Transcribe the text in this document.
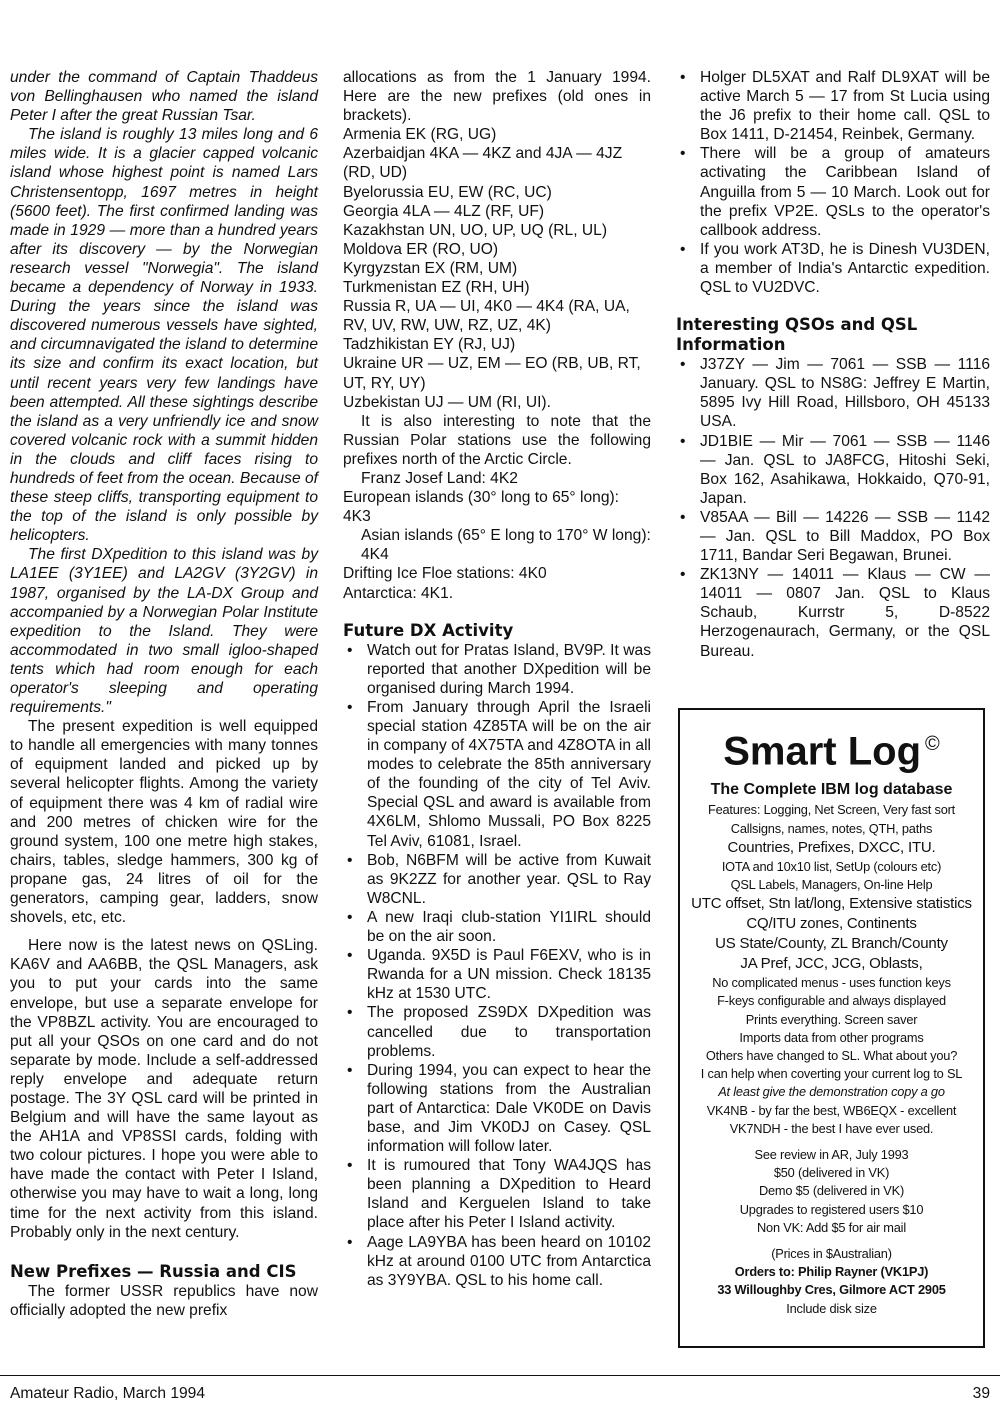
under the command of Captain Thaddeus von Bellinghausen who named the island Peter I after the great Russian Tsar.

The island is roughly 13 miles long and 6 miles wide. It is a glacier capped volcanic island whose highest point is named Lars Christensentopp, 1697 metres in height (5600 feet). The first confirmed landing was made in 1929 — more than a hundred years after its discovery — by the Norwegian research vessel "Norwegia". The island became a dependency of Norway in 1933. During the years since the island was discovered numerous vessels have sighted, and circumnavigated the island to determine its size and confirm its exact location, but until recent years very few landings have been attempted. All these sightings describe the island as a very unfriendly ice and snow covered volcanic rock with a summit hidden in the clouds and cliff faces rising to hundreds of feet from the ocean. Because of these steep cliffs, transporting equipment to the top of the island is only possible by helicopters.

The first DXpedition to this island was by LA1EE (3Y1EE) and LA2GV (3Y2GV) in 1987, organised by the LA-DX Group and accompanied by a Norwegian Polar Institute expedition to the Island. They were accommodated in two small igloo-shaped tents which had room enough for each operator's sleeping and operating requirements."

The present expedition is well equipped to handle all emergencies with many tonnes of equipment landed and picked up by several helicopter flights. Among the variety of equipment there was 4 km of radial wire and 200 metres of chicken wire for the ground system, 100 one metre high stakes, chairs, tables, sledge hammers, 300 kg of propane gas, 24 litres of oil for the generators, camping gear, ladders, snow shovels, etc, etc.

Here now is the latest news on QSLing. KA6V and AA6BB, the QSL Managers, ask you to put your cards into the same envelope, but use a separate envelope for the VP8BZL activity. You are encouraged to put all your QSOs on one card and do not separate by mode. Include a self-addressed reply envelope and adequate return postage. The 3Y QSL card will be printed in Belgium and will have the same layout as the AH1A and VP8SSI cards, folding with two colour pictures. I hope you were able to have made the contact with Peter I Island, otherwise you may have to wait a long, long time for the next activity from this island. Probably only in the next century.

New Prefixes — Russia and CIS

The former USSR republics have now officially adopted the new prefix

allocations as from the 1 January 1994. Here are the new prefixes (old ones in brackets).

Armenia EK (RG, UG)
Azerbaidjan 4KA — 4KZ and 4JA — 4JZ (RD, UD)
Byelorussia EU, EW (RC, UC)
Georgia 4LA — 4LZ (RF, UF)
Kazakhstan UN, UO, UP, UQ (RL, UL)
Moldova ER (RO, UO)
Kyrgyzstan EX (RM, UM)
Turkmenistan EZ (RH, UH)
Russia R, UA — UI, 4K0 — 4K4 (RA, UA, RV, UV, RW, UW, RZ, UZ, 4K)
Tadzhikistan EY (RJ, UJ)
Ukraine UR — UZ, EM — EO (RB, UB, RT, UT, RY, UY)
Uzbekistan UJ — UM (RI, UI).

It is also interesting to note that the Russian Polar stations use the following prefixes north of the Arctic Circle.

Franz Josef Land: 4K2
European islands (30° long to 65° long): 4K3
Asian islands (65° E long to 170° W long): 4K4
Drifting Ice Floe stations: 4K0
Antarctica: 4K1.
Future DX Activity
• Watch out for Pratas Island, BV9P. It was reported that another DXpedition will be organised during March 1994.
• From January through April the Israeli special station 4Z85TA will be on the air in company of 4X75TA and 4Z8OTA in all modes to celebrate the 85th anniversary of the founding of the city of Tel Aviv. Special QSL and award is available from 4X6LM, Shlomo Mussali, PO Box 8225 Tel Aviv, 61081, Israel.
• Bob, N6BFM will be active from Kuwait as 9K2ZZ for another year. QSL to Ray W8CNL.
• A new Iraqi club-station YI1IRL should be on the air soon.
• Uganda. 9X5D is Paul F6EXV, who is in Rwanda for a UN mission. Check 18135 kHz at 1530 UTC.
• The proposed ZS9DX DXpedition was cancelled due to transportation problems.
• During 1994, you can expect to hear the following stations from the Australian part of Antarctica: Dale VK0DE on Davis base, and Jim VK0DJ on Casey. QSL information will follow later.
• It is rumoured that Tony WA4JQS has been planning a DXpedition to Heard Island and Kerguelen Island to take place after his Peter I Island activity.
• Aage LA9YBA has been heard on 10102 kHz at around 0100 UTC from Antarctica as 3Y9YBA. QSL to his home call.
• Holger DL5XAT and Ralf DL9XAT will be active March 5 — 17 from St Lucia using the J6 prefix to their home call. QSL to Box 1411, D-21454, Reinbek, Germany.
• There will be a group of amateurs activating the Caribbean Island of Anguilla from 5 — 10 March. Look out for the prefix VP2E. QSLs to the operator's callbook address.
• If you work AT3D, he is Dinesh VU3DEN, a member of India's Antarctic expedition. QSL to VU2DVC.
Interesting QSOs and QSL Information
• J37ZY — Jim — 7061 — SSB — 1116 January. QSL to NS8G: Jeffrey E Martin, 5895 Ivy Hill Road, Hillsboro, OH 45133 USA.
• JD1BIE — Mir — 7061 — SSB — 1146 — Jan. QSL to JA8FCG, Hitoshi Seki, Box 162, Asahikawa, Hokkaido, Q70-91, Japan.
• V85AA — Bill — 14226 — SSB — 1142 — Jan. QSL to Bill Maddox, PO Box 1711, Bandar Seri Begawan, Brunei.
• ZK13NY — 14011 — Klaus — CW — 14011 — 0807 Jan. QSL to Klaus Schaub, Kurrstr 5, D-8522 Herzogenaurach, Germany, or the QSL Bureau.
Smart Log ©
The Complete IBM log database
Features: Logging, Net Screen, Very fast sort
Callsigns, names, notes, QTH, paths
Countries, Prefixes, DXCC, ITU.
IOTA and 10x10 list, SetUp (colours etc)
QSL Labels, Managers, On-line Help
UTC offset, Stn lat/long, Extensive statistics
CQ/ITU zones, Continents
US State/County, ZL Branch/County
JA Pref, JCC, JCG, Oblasts,
No complicated menus - uses function keys
F-keys configurable and always displayed
Prints everything. Screen saver
Imports data from other programs
Others have changed to SL. What about you?
I can help when coverting your current log to SL
At least give the demonstration copy a go
VK4NB - by far the best, WB6EQX - excellent
VK7NDH - the best I have ever used.
See review in AR, July 1993
$50 (delivered in VK)
Demo $5 (delivered in VK)
Upgrades to registered users $10
Non VK: Add $5 for air mail
(Prices in $Australian)
Orders to: Philip Rayner (VK1PJ)
33 Willoughby Cres, Gilmore ACT 2905
Include disk size
Amateur Radio, March 1994	39
